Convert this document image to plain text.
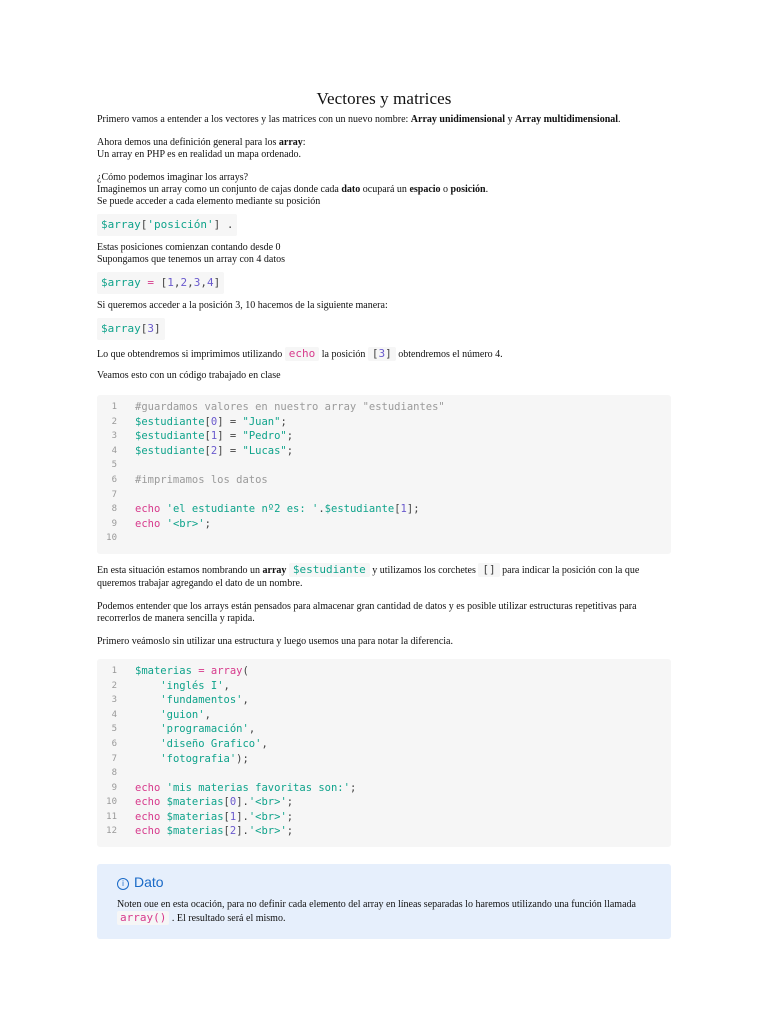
Vectores y matrices

Primero vamos a entender a los vectores y las matrices con un nuevo nombre: Array unidimensional y Array multidimensional.

Ahora demos una definición general para los array:

Un array en PHP es en realidad un mapa ordenado.

¿Cómo podemos imaginar los arrays?

Imaginemos un array como un conjunto de cajas donde cada dato ocupará un espacio o posición.

Se puede acceder a cada elemento mediante su posición

$array['posición'] .

Estas posiciones comienzan contando desde 0

Supongamos que tenemos un array con 4 datos

$array = [1,2,3,4]

Si queremos acceder a la posición 3, 10 hacemos de la siguiente manera:

$array[3]

Lo que obtendremos si imprimimos utilizando echo la posición [3] obtendremos el número 4.

Veamos esto con un código trabajado en clase

1	#guardamos valores en nuestro array "estudiantes"
2	$estudiante[0] = "Juan";
3	$estudiante[1] = "Pedro";
4	$estudiante[2] = "Lucas";
5

6	#imprimamos los datos
7

8	echo 'el estudiante nº2 es: '.$estudiante[1];
9	echo '<br>';
10

En esta situación estamos nombrando un array $estudiante y utilizamos los corchetes [] para indicar la posición con la que queremos trabajar agregando el dato de un nombre.

Podemos entender que los arrays están pensados para almacenar gran cantidad de datos y es posible utilizar estructuras repetitivas para recorrerlos de manera sencilla y rapida.

Primero veámoslo sin utilizar una estructura y luego usemos una para notar la diferencia.

1	$materias = array(
2	'inglés I',
3	'fundamentos',
4	'guion',
5	'programación',
6	'diseño Grafico',
7	'fotografia');
8

9	echo 'mis materias favoritas son:';
10	echo $materias[0].'<br>';
11	echo $materias[1].'<br>';
12	echo $materias[2].'<br>';
i Dato

Noten oue en esta ocación, para no definir cada elemento del array en líneas separadas lo haremos utilizando una función llamada array() . El resultado será el mismo.
